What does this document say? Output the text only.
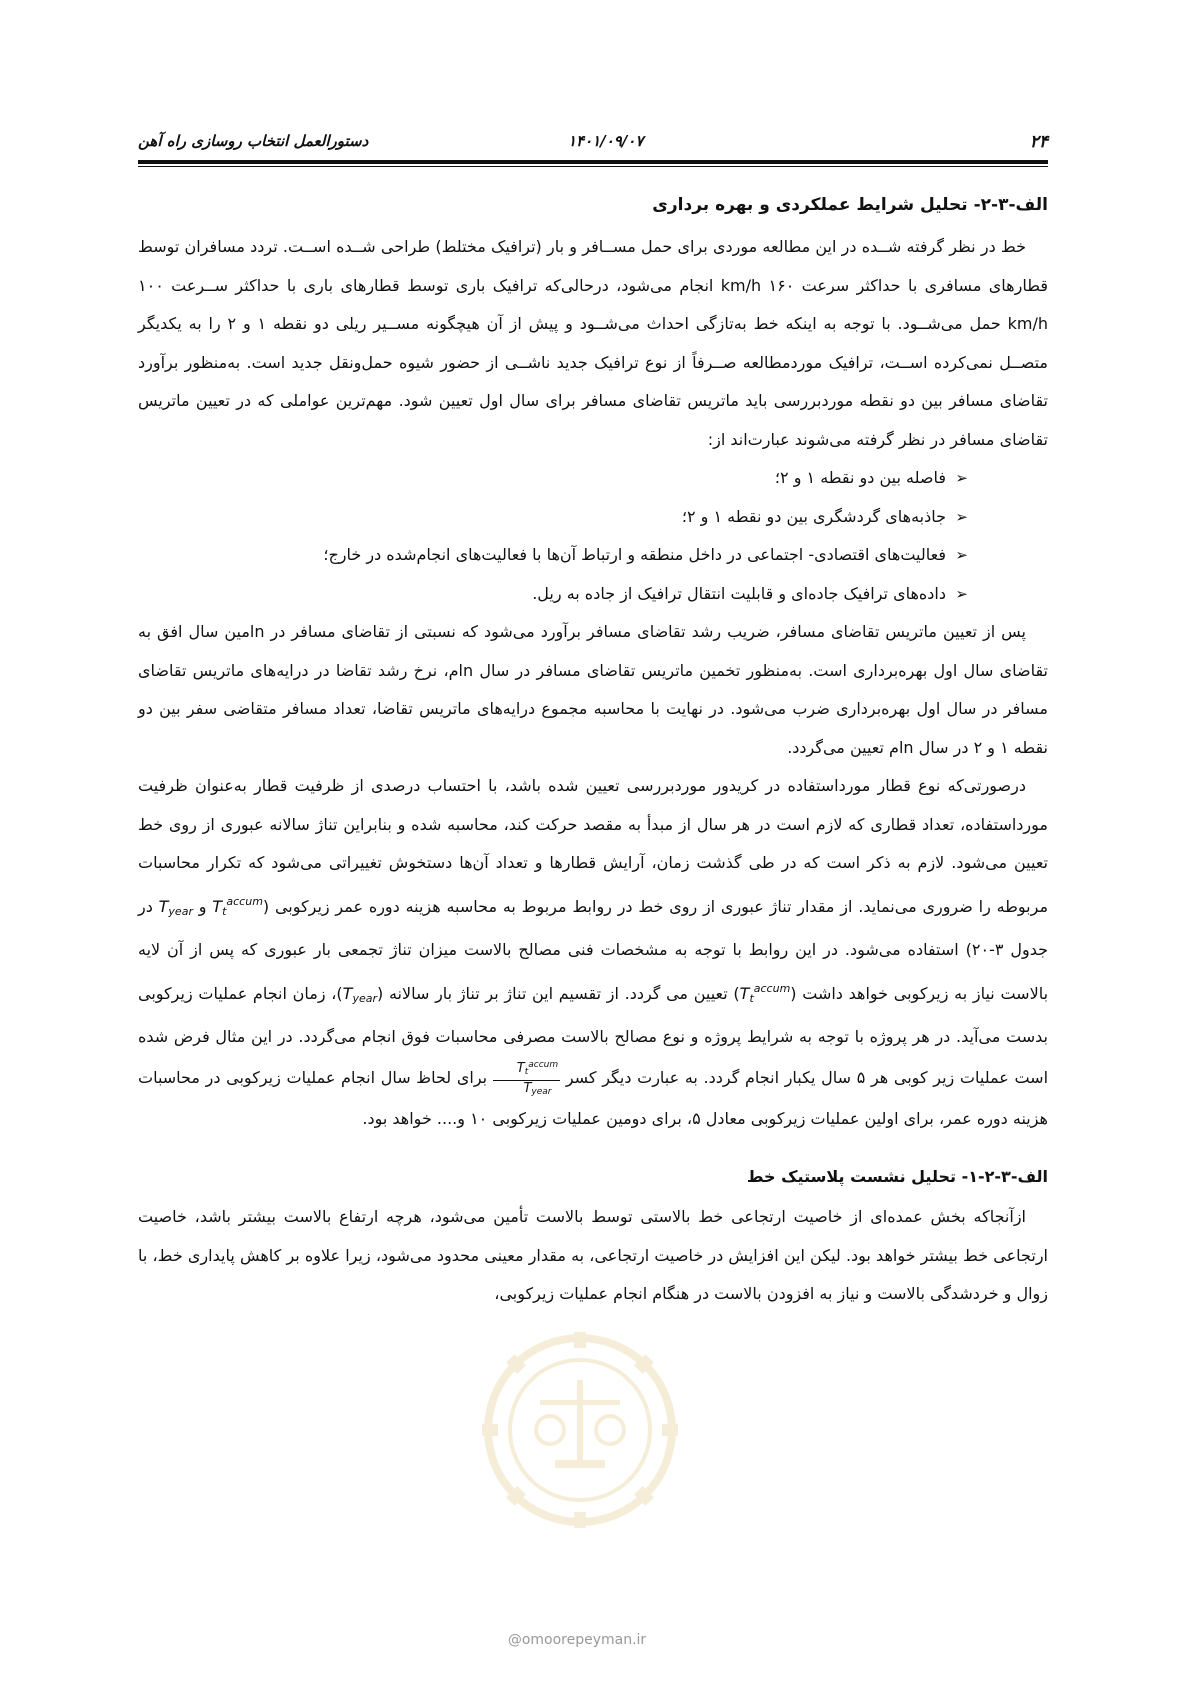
۲۴
۱۴۰۱/۰۹/۰۷
دستورالعمل انتخاب روسازی راه آهن
الف-۳-۲- تحلیل شرایط عملکردی و بهره برداری

خط در نظر گرفته شــده در این مطالعه موردی برای حمل مســافر و بار (ترافیک مختلط) طراحی شــده اســت. تردد مسافران توسط قطارهای مسافری با حداکثر سرعت ۱۶۰ km/h انجام می‌شود، درحالی‌که ترافیک باری توسط قطارهای باری با حداکثر ســرعت ۱۰۰ km/h حمل می‌شــود. با توجه به اینکه خط به‌تازگی احداث می‌شــود و پیش از آن هیچگونه مســیر ریلی دو نقطه ۱ و ۲ را به یکدیگر متصــل نمی‌کرده اســت، ترافیک موردمطالعه صــرفاً از نوع ترافیک جدید ناشــی از حضور شیوه حمل‌ونقل جدید است. به‌منظور برآورد تقاضای مسافر بین دو نقطه موردبررسی باید ماتریس تقاضای مسافر برای سال اول تعیین شود. مهم‌ترین عواملی که در تعیین ماتریس تقاضای مسافر در نظر گرفته می‌شوند عبارت‌اند از:

➢فاصله بین دو نقطه ۱ و ۲؛
➢جاذبه‌های گردشگری بین دو نقطه ۱ و ۲؛
➢فعالیت‌های اقتصادی- اجتماعی در داخل منطقه و ارتباط آن‌ها با فعالیت‌های انجام‌شده در خارج؛
➢داده‌های ترافیک جاده‌ای و قابلیت انتقال ترافیک از جاده به ریل.

پس از تعیین ماتریس تقاضای مسافر، ضریب رشد تقاضای مسافر برآورد می‌شود که نسبتی از تقاضای مسافر در nامین سال افق به تقاضای سال اول بهره‌برداری است. به‌منظور تخمین ماتریس تقاضای مسافر در سال nام، نرخ رشد تقاضا در درایه‌های ماتریس تقاضای مسافر در سال اول بهره‌برداری ضرب می‌شود. در نهایت با محاسبه مجموع درایه‌های ماتریس تقاضا، تعداد مسافر متقاضی سفر بین دو نقطه ۱ و ۲ در سال nام تعیین می‌گردد.

درصورتی‌که نوع قطار مورداستفاده در کریدور موردبررسی تعیین شده باشد، با احتساب درصدی از ظرفیت قطار به‌عنوان ظرفیت مورداستفاده، تعداد قطاری که لازم است در هر سال از مبدأ به مقصد حرکت کند، محاسبه شده و بنابراین تناژ سالانه عبوری از روی خط تعیین می‌شود. لازم به ذکر است که در طی گذشت زمان، آرایش قطارها و تعداد آن‌ها دستخوش تغییراتی می‌شود که تکرار محاسبات مربوطه را ضروری می‌نماید. از مقدار تناژ عبوری از روی خط در روابط مربوط به محاسبه هزینه دوره عمر زیرکوبی ($Tt^{accum}$ و Tyear در جدول ۳-۲۰) استفاده می‌شود. در این روابط با توجه به مشخصات فنی مصالح بالاست میزان تناژ تجمعی بار عبوری که پس از آن لایه بالاست نیاز به زیرکوبی خواهد داشت $(Tt^{accum})$ تعیین می گردد. از تقسیم این تناژ بر تناژ بار سالانه (Tyear)، زمان انجام عملیات زیرکوبی بدست می‌آید. در هر پروژه با توجه به شرایط پروژه و نوع مصالح بالاست مصرفی محاسبات فوق انجام می‌گردد. در این مثال فرض شده است عملیات زیر کوبی هر ۵ سال یکبار انجام گردد. به عبارت دیگر کسر
$Tt^{accum}$
Tyear
برای لحاظ سال انجام عملیات زیرکوبی در محاسبات هزینه دوره عمر، برای اولین عملیات زیرکوبی معادل ۵، برای دومین عملیات زیرکوبی ۱۰ و.... خواهد بود.

الف-۳-۲-۱- تحلیل نشست پلاستیک خط

ازآنجاکه بخش عمده‌ای از خاصیت ارتجاعی خط بالاستی توسط بالاست تأمین می‌شود، هرچه ارتفاع بالاست بیشتر باشد، خاصیت ارتجاعی خط بیشتر خواهد بود. لیکن این افزایش در خاصیت ارتجاعی، به مقدار معینی محدود می‌شود، زیرا علاوه بر کاهش پایداری خط، با زوال و خردشدگی بالاست و نیاز به افزودن بالاست در هنگام انجام عملیات زیرکوبی،

@omoorepeyman.ir
